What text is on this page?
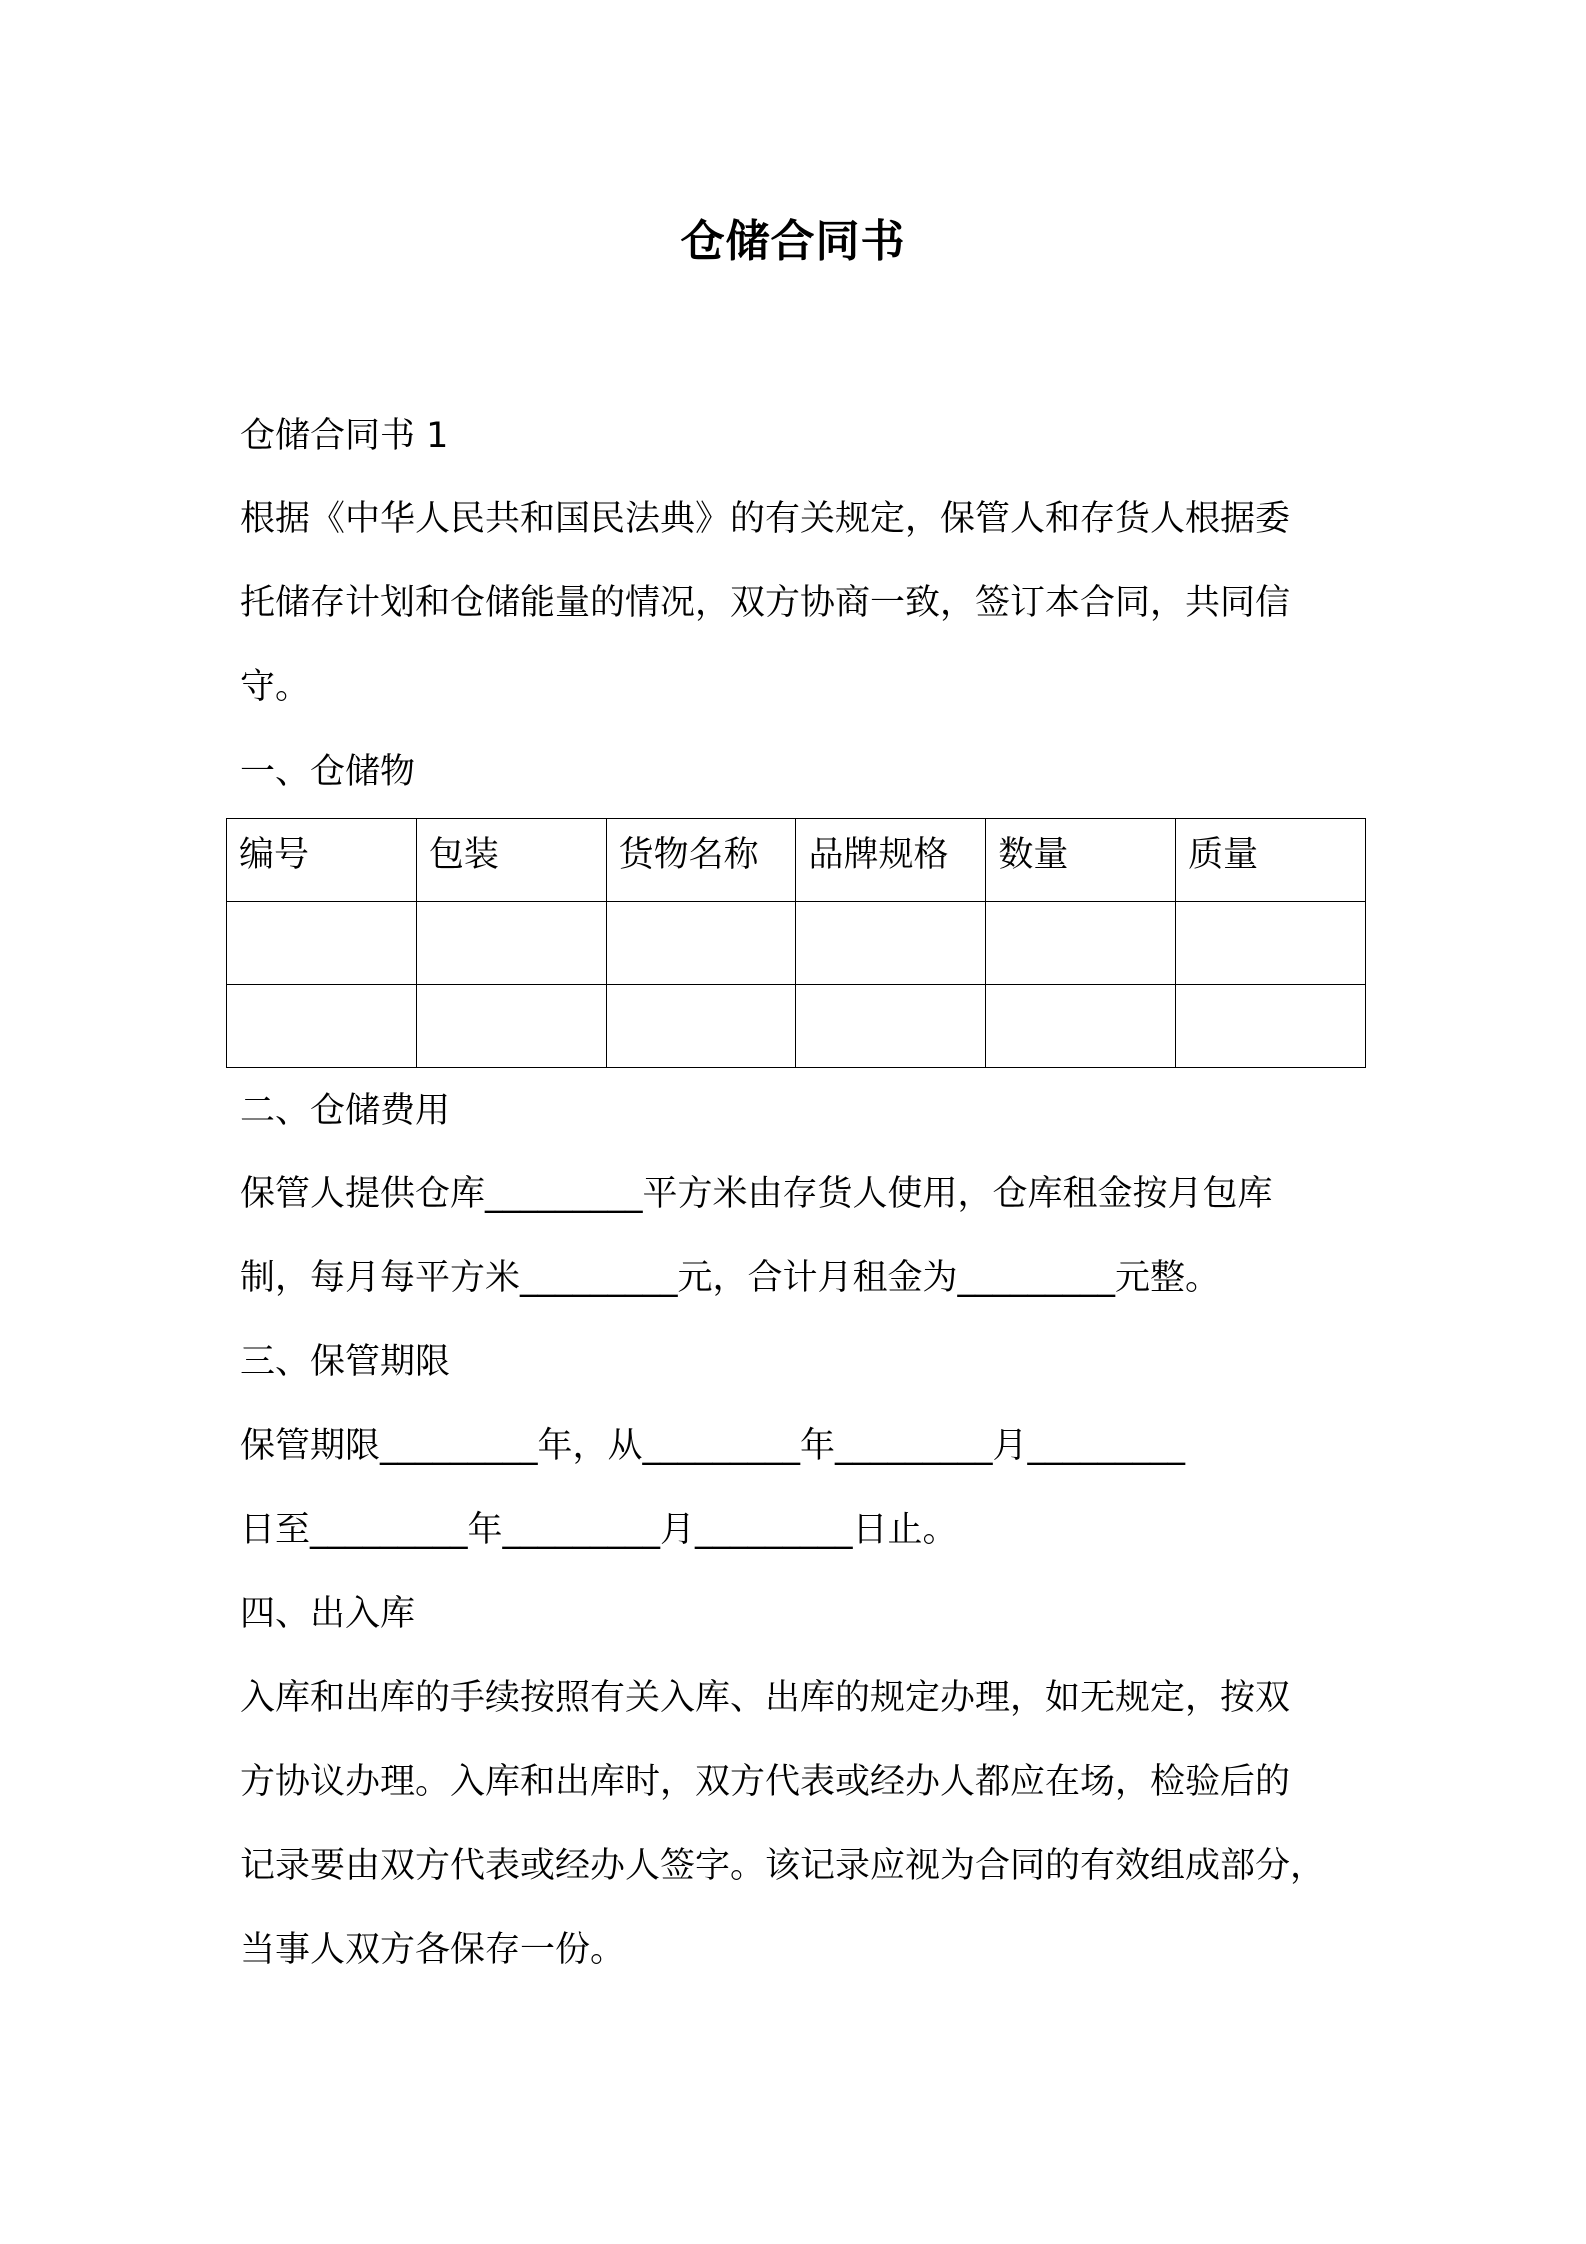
仓储合同书
仓储合同书 1
根据《中华人民共和国民法典》的有关规定，保管人和存货人根据委
托储存计划和仓储能量的情况，双方协商一致，签订本合同，共同信
守。
一、仓储物
编号	包装	货物名称	品牌规格	数量	质量

二、仓储费用
保管人提供仓库_________平方米由存货人使用，仓库租金按月包库
制，每月每平方米_________元，合计月租金为_________元整。
三、保管期限
保管期限_________年，从_________年_________月_________
日至_________年_________月_________日止。
四、出入库
入库和出库的手续按照有关入库、出库的规定办理，如无规定，按双
方协议办理。入库和出库时，双方代表或经办人都应在场，检验后的
记录要由双方代表或经办人签字。该记录应视为合同的有效组成部分，
当事人双方各保存一份。
